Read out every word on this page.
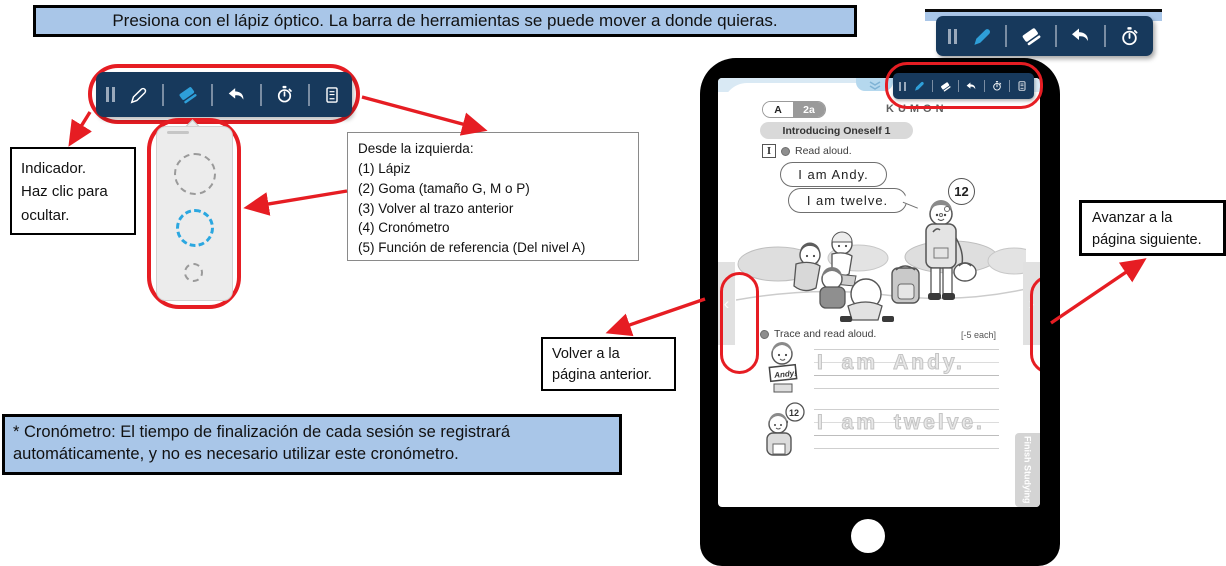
Presiona con el lápiz óptico. La barra de herramientas se puede mover a donde quieras.
Indicador.
Haz clic para ocultar.
Desde la izquierda:
(1) Lápiz
(2) Goma (tamaño G, M o P)
(3) Volver al trazo anterior
(4) Cronómetro
(5) Función de referencia (Del nivel A)
Volver a la página anterior.
Avanzar a la página siguiente.
* Cronómetro: El tiempo de finalización de cada sesión se registrará automáticamente, y no es necesario utilizar este cronómetro.
A	2a	KUMON
Introducing Oneself 1
I	Read aloud.
I am Andy.
I am twelve.
12
Trace and read aloud.	[-5 each]
Andy!
I am Andy.
12 I am twelve.
Finish Studying
‹	›
